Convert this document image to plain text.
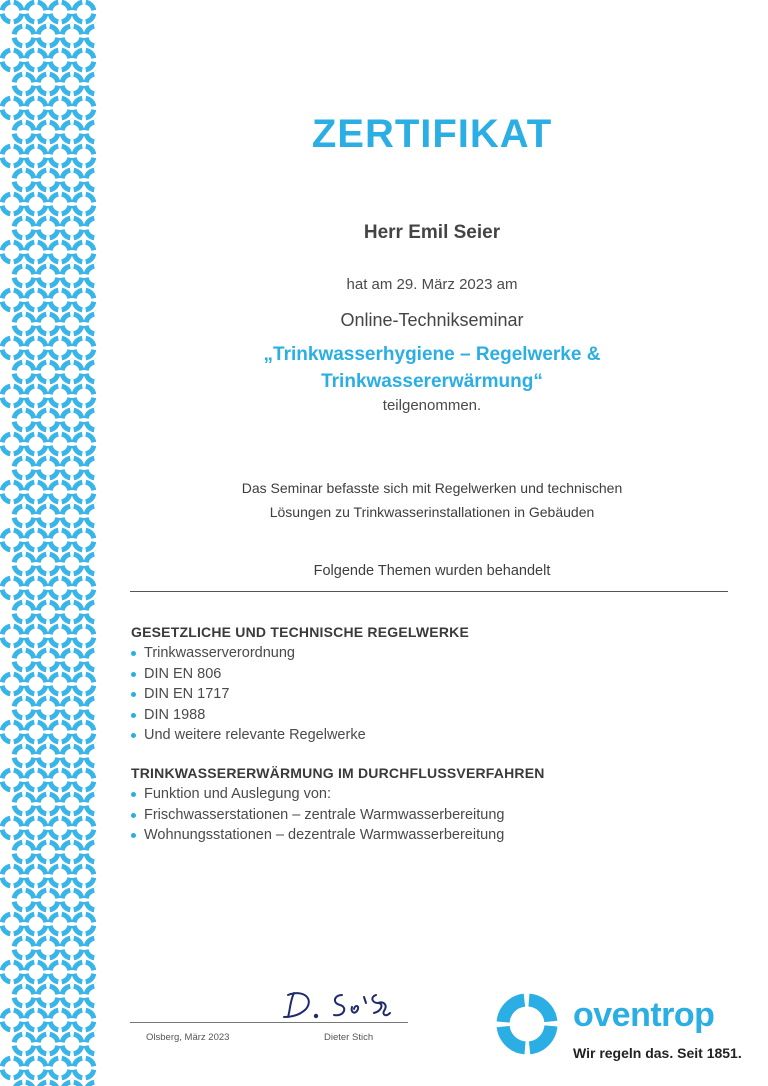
ZERTIFIKAT
Herr Emil Seier
hat am 29. März 2023 am
Online-Technikseminar
„Trinkwasserhygiene – Regelwerke &
Trinkwassererwärmung“
teilgenommen.
Das Seminar befasste sich mit Regelwerken und technischen
Lösungen zu Trinkwasserinstallationen in Gebäuden
Folgende Themen wurden behandelt
GESETZLICHE UND TECHNISCHE REGELWERKE
Trinkwasserverordnung
DIN EN 806
DIN EN 1717
DIN 1988
Und weitere relevante Regelwerke
TRINKWASSERERWÄRMUNG IM DURCHFLUSSVERFAHREN
Funktion und Auslegung von:
Frischwasserstationen – zentrale Warmwasserbereitung
Wohnungsstationen – dezentrale Warmwasserbereitung
Olsberg, März 2023	Dieter Stich
oventrop
Wir regeln das. Seit 1851.
